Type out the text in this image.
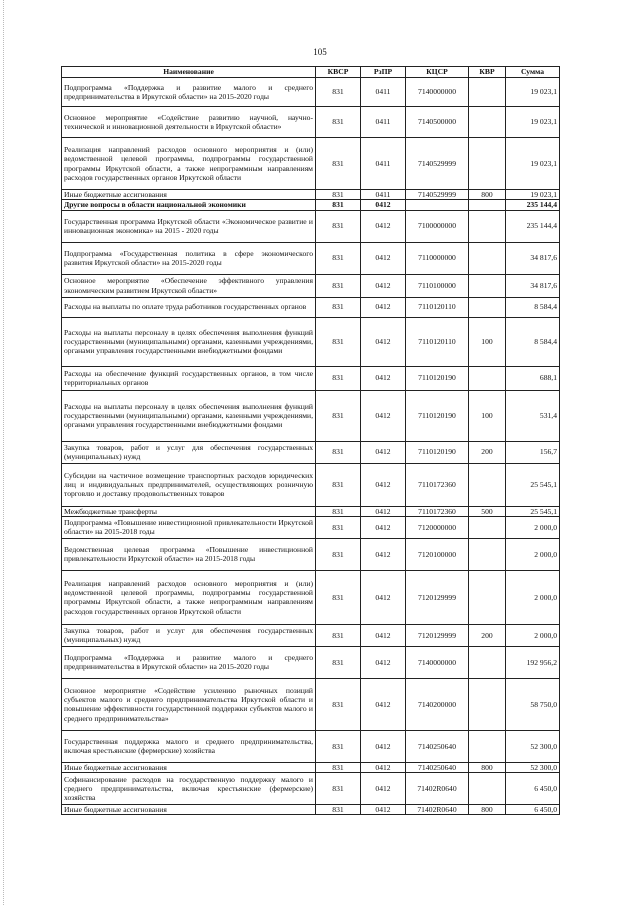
105
Наименование	КВСР	РзПР	КЦСР	КВР	Сумма
Подпрограмма «Поддержка и развитие малого и среднего предпринимательства в Иркутской области» на 2015-2020 годы	831	0411	7140000000		19 023,1
Основное мероприятие «Содействие развитию научной, научно-технической и инновационной деятельности в Иркутской области»	831	0411	7140500000		19 023,1
Реализация направлений расходов основного мероприятия и (или) ведомственной целевой программы, подпрограммы государственной программы Иркутской области, а также непрограммным направлениям расходов государственных органов Иркутской области	831	0411	7140529999		19 023,1
Иные бюджетные ассигнования	831	0411	7140529999	800	19 023,1
Другие вопросы в области национальной экономики	831	0412			235 144,4
Государственная программа Иркутской области «Экономическое развитие и инновационная экономика» на 2015 - 2020 годы	831	0412	7100000000		235 144,4
Подпрограмма «Государственная политика в сфере экономического развития Иркутской области» на 2015-2020 годы	831	0412	7110000000		34 817,6
Основное мероприятие «Обеспечение эффективного управления экономическим развитием Иркутской области»	831	0412	7110100000		34 817,6
Расходы на выплаты по оплате труда работников государственных органов	831	0412	7110120110		8 584,4
Расходы на выплаты персоналу в целях обеспечения выполнения функций государственными (муниципальными) органами, казенными учреждениями, органами управления государственными внебюджетными фондами	831	0412	7110120110	100	8 584,4
Расходы на обеспечение функций государственных органов, в том числе территориальных органов	831	0412	7110120190		688,1
Расходы на выплаты персоналу в целях обеспечения выполнения функций государственными (муниципальными) органами, казенными учреждениями, органами управления государственными внебюджетными фондами	831	0412	7110120190	100	531,4
Закупка товаров, работ и услуг для обеспечения государственных (муниципальных) нужд	831	0412	7110120190	200	156,7
Субсидии на частичное возмещение транспортных расходов юридических лиц и индивидуальных предпринимателей, осуществляющих розничную торговлю и доставку продовольственных товаров	831	0412	7110172360		25 545,1
Межбюджетные трансферты	831	0412	7110172360	500	25 545,1
Подпрограмма «Повышение инвестиционной привлекательности Иркутской области» на 2015-2018 годы	831	0412	7120000000		2 000,0
Ведомственная целевая программа «Повышение инвестиционной привлекательности Иркутской области» на 2015-2018 годы	831	0412	7120100000		2 000,0
Реализация направлений расходов основного мероприятия и (или) ведомственной целевой программы, подпрограммы государственной программы Иркутской области, а также непрограммным направлениям расходов государственных органов Иркутской области	831	0412	7120129999		2 000,0
Закупка товаров, работ и услуг для обеспечения государственных (муниципальных) нужд	831	0412	7120129999	200	2 000,0
Подпрограмма «Поддержка и развитие малого и среднего предпринимательства в Иркутской области» на 2015-2020 годы	831	0412	7140000000		192 956,2
Основное мероприятие «Содействие усилению рыночных позиций субъектов малого и среднего предпринимательства Иркутской области и повышение эффективности государственной поддержки субъектов малого и среднего предпринимательства»	831	0412	7140200000		58 750,0
Государственная поддержка малого и среднего предпринимательства, включая крестьянские (фермерские) хозяйства	831	0412	7140250640		52 300,0
Иные бюджетные ассигнования	831	0412	7140250640	800	52 300,0
Софинансирование расходов на государственную поддержку малого и среднего предпринимательства, включая крестьянские (фермерские) хозяйства	831	0412	71402R0640		6 450,0
Иные бюджетные ассигнования	831	0412	71402R0640	800	6 450,0
